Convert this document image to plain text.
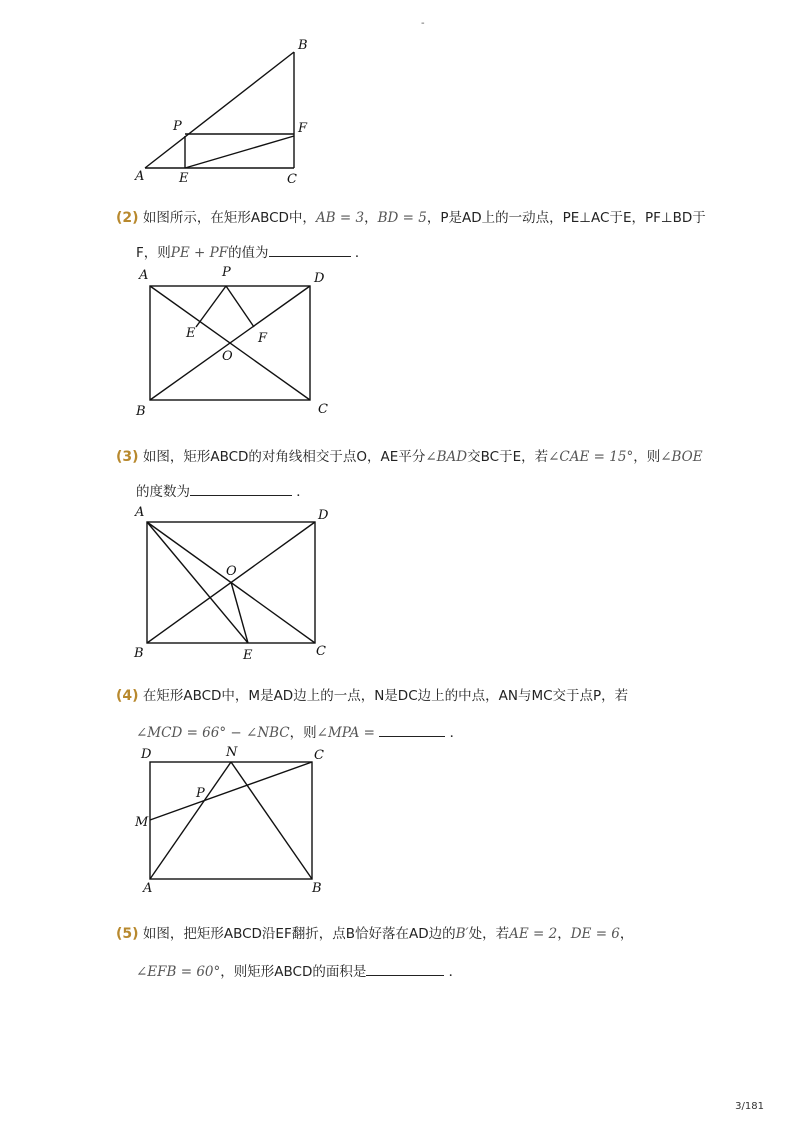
-
B
P	F
A	E	C
(2) 如图所示，在矩形ABCD中，AB = 3，BD = 5，P是AD上的一动点，PE⊥AC于E，PF⊥BD于
F，则PE + PF的值为	．
A	P	D
E	F
O
B	C
(3) 如图，矩形ABCD的对角线相交于点O，AE平分∠BAD交BC于E，若∠CAE = 15°，则∠BOE
的度数为	．
A	D
O
B	E	C
(4) 在矩形ABCD中，M是AD边上的一点，N是DC边上的中点，AN与MC交于点P，若
∠MCD = 66° − ∠NBC，则∠MPA =	．
D	N	C
P
M
A	B
(5) 如图，把矩形ABCD沿EF翻折，点B恰好落在AD边的B′处，若AE = 2，DE = 6，
∠EFB = 60°，则矩形ABCD的面积是	．
3/181
